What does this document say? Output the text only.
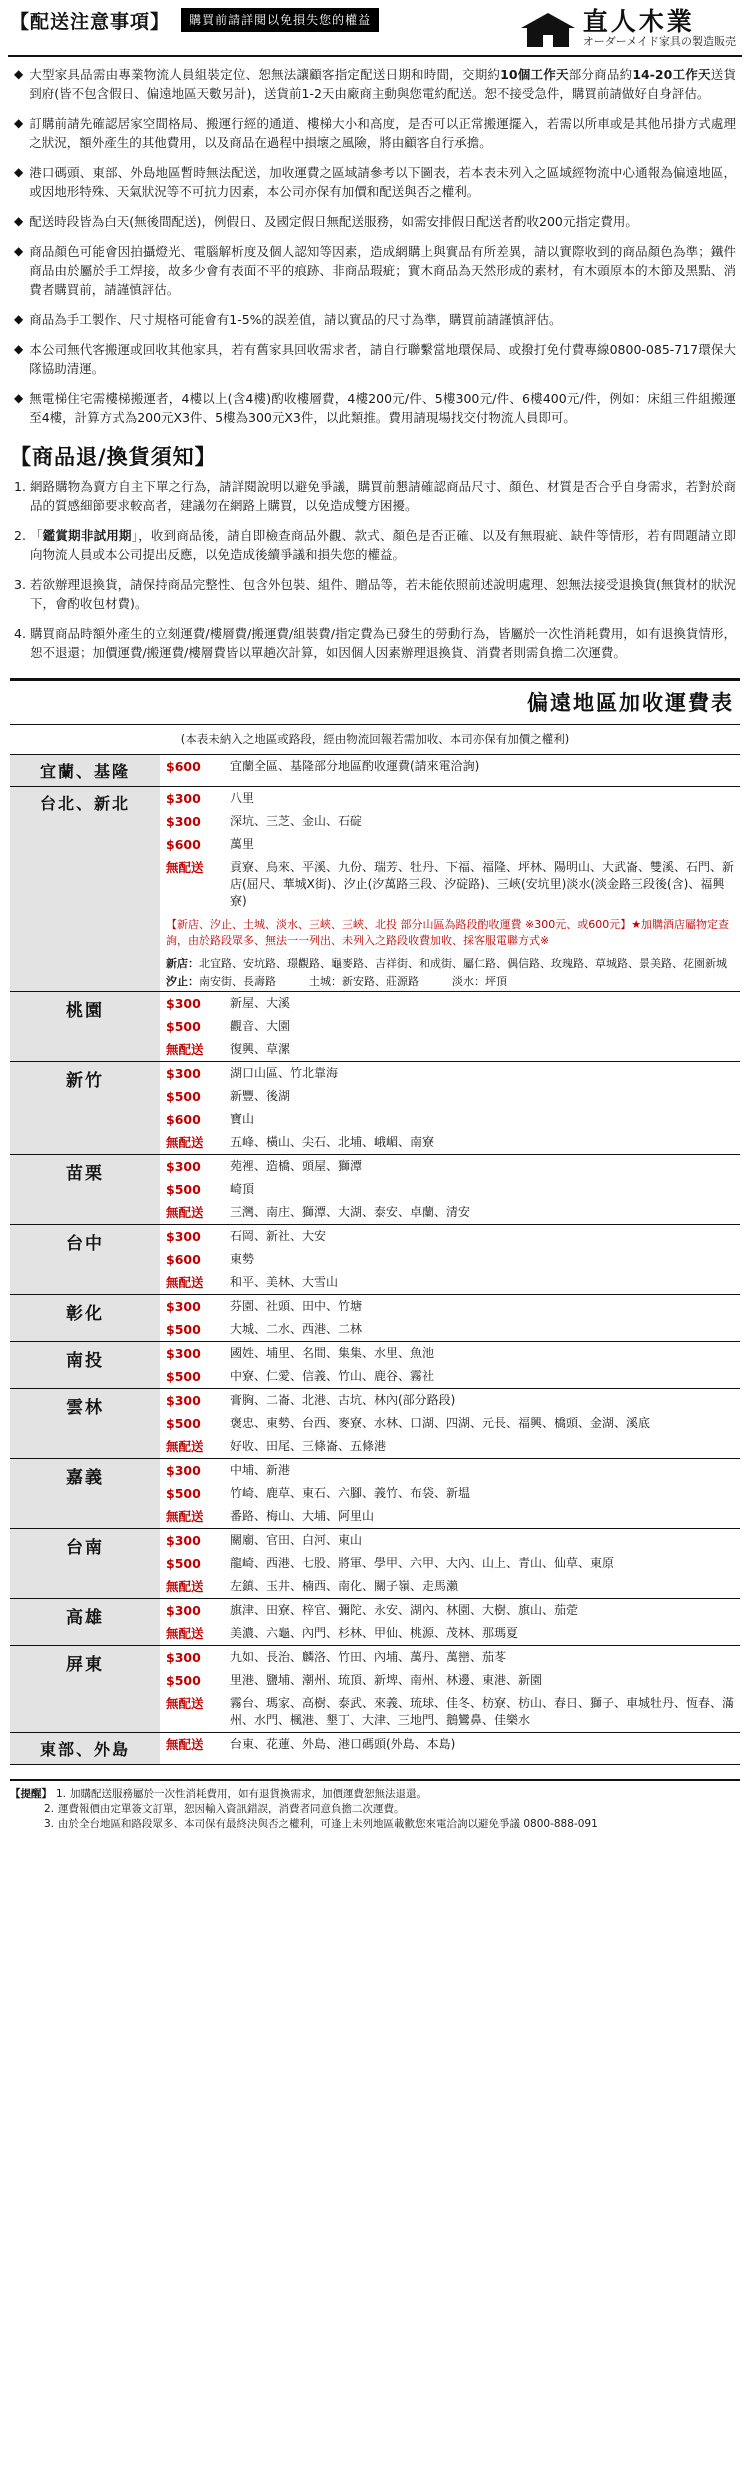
【配送注意事項】 購買前請詳閱以免損失您的權益	直人木業
オーダーメイド家具の製造販売
◆ 大型家具品需由專業物流人員組裝定位、恕無法讓顧客指定配送日期和時間，交期約10個工作天部分商品約14-20工作天送貨到府(皆不包含假日、偏遠地區天數另計)，送貨前1-2天由廠商主動與您電約配送。恕不接受急件，購買前請做好自身評估。
◆ 訂購前請先確認居家空間格局、搬運行經的通道、樓梯大小和高度，是否可以正常搬運擺入，若需以所車或是其他吊掛方式處理之狀況，額外產生的其他費用，以及商品在過程中損壞之風險，將由顧客自行承擔。
◆ 港口碼頭、東部、外島地區暫時無法配送，加收運費之區域請參考以下圖表，若本表未列入之區域經物流中心通報為偏遠地區，或因地形特殊、天氣狀況等不可抗力因素，本公司亦保有加價和配送與否之權利。
◆ 配送時段皆為白天(無後間配送)，例假日、及國定假日無配送服務，如需安排假日配送者酌收200元指定費用。
◆ 商品顏色可能會因拍攝燈光、電腦解析度及個人認知等因素，造成網購上與實品有所差異，請以實際收到的商品顏色為準；鐵件商品由於屬於手工焊接，故多少會有表面不平的痕跡、非商品瑕疵；實木商品為天然形成的素材，有木頭原本的木節及黑點、消費者購買前，請謹慎評估。
◆ 商品為手工製作、尺寸規格可能會有1-5%的誤差值，請以實品的尺寸為準，購買前請謹慎評估。
◆ 本公司無代客搬運或回收其他家具，若有舊家具回收需求者，請自行聯繫當地環保局、或撥打免付費專線0800-085-717環保大隊協助清運。
◆ 無電梯住宅需樓梯搬運者，4樓以上(含4樓)酌收樓層費，4樓200元/件、5樓300元/件、6樓400元/件，例如：床組三件組搬運至4樓，計算方式為200元X3件、5樓為300元X3件，以此類推。費用請現場找交付物流人員即可。
【商品退/換貨須知】
1. 網路購物為賣方自主下單之行為，請詳閱說明以避免爭議，購買前懇請確認商品尺寸、顏色、材質是否合乎自身需求，若對於商品的質感細節要求較高者，建議勿在網路上購買，以免造成雙方困擾。
2. 「鑑賞期非試用期」，收到商品後，請自即檢查商品外觀、款式、顏色是否正確、以及有無瑕疵、缺件等情形，若有問題請立即向物流人員或本公司提出反應，以免造成後續爭議和損失您的權益。
3. 若欲辦理退換貨，請保持商品完整性、包含外包裝、組件、贈品等，若未能依照前述說明處理、恕無法接受退換貨(無貨材的狀況下，會酌收包材費)。
4. 購買商品時額外產生的立刻運費/樓層費/搬運費/組裝費/指定費為已發生的勞動行為，皆屬於一次性消耗費用，如有退換貨情形，恕不退還；加價運費/搬運費/樓層費皆以單趟次計算，如因個人因素辦理退換貨、消費者則需負擔二次運費。
偏遠地區加收運費表
(本表未納入之地區或路段，經由物流回報若需加收、本司亦保有加價之權利)
宜蘭、基隆	$600 宜蘭全區、基隆部分地區酌收運費(請來電洽詢)

台北、新北	$300	八里
$300	深坑、三芝、金山、石碇
$600	萬里
無配送	貢寮、烏來、平溪、九份、瑞芳、牡丹、下福、福隆、坪林、陽明山、大武崙、雙溪、石門、新店(屈尺、華城X街)、汐止(汐萬路三段、汐碇路)、三峽(安坑里)淡水(淡金路三段後(含)、福興寮)
【新店、汐止、土城、淡水、三峽、三峽、北投 部分山區為路段酌收運費 ※300元、或600元】★加購酒店屬物定查詢，由於路段眾多、無法一一列出、未列入之路段收費加收、採客服電聯方式※
新店：北宜路、安坑路、璟觀路、龜麥路、吉祥街、和成街、屬仁路、偶信路、玫瑰路、草城路、景美路、花園新城
汐止：南安街、長壽路　　　土城：新安路、莊源路　　　淡水：坪頂

桃園	$300	新屋、大溪
$500	觀音、大園
無配送	復興、草漯

新竹	$300	湖口山區、竹北靠海
$500	新豐、後湖
$600	寶山
無配送	五峰、橫山、尖石、北埔、峨嵋、南寮

苗栗	$300	苑裡、造橋、頭屋、獅潭
$500	崎頂
無配送	三灣、南庄、獅潭、大湖、泰安、卓蘭、清安

台中	$300	石岡、新社、大安
$600	東勢
無配送	和平、美林、大雪山

彰化	$300 芬園、社頭、田中、竹塘
$500 大城、二水、西港、二林

南投	$300 國姓、埔里、名間、集集、水里、魚池
$500 中寮、仁愛、信義、竹山、鹿谷、霧社

雲林	$300	膏胸、二崙、北港、古坑、林內(部分路段)
$500	褒忠、東勢、台西、麥寮、水林、口湖、四湖、元長、福興、橋頭、金湖、溪底
無配送	好收、田尾、三條崙、五條港

嘉義	$300	中埔、新港
$500	竹崎、鹿草、東石、六腳、義竹、布袋、新塭
無配送	番路、梅山、大埔、阿里山

台南	$300	關廟、官田、白河、東山
$500	龍崎、西港、七股、將軍、學甲、六甲、大內、山上、青山、仙草、東原
無配送	左鎮、玉井、楠西、南化、關子嶺、走馬瀨

高雄	$300 旗津、田寮、梓官、彌陀、永安、湖內、林園、大樹、旗山、茄萣
無配送 美濃、六龜、內門、杉林、甲仙、桃源、茂林、那瑪夏

屏東	$300	九如、長治、麟洛、竹田、內埔、萬丹、萬巒、茄苳
$500	里港、鹽埔、潮州、琉頂、新埤、南州、林邊、東港、新園
無配送	霧台、瑪家、高樹、泰武、來義、琉球、佳冬、枋寮、枋山、春日、獅子、車城牡丹、恆春、滿州、水門、楓港、墾丁、大津、三地門、鵝鸞鼻、佳樂水

東部、外島	無配送 台東、花蓮、外島、港口碼頭(外島、本島)
【提醒】 1. 加購配送服務屬於一次性消耗費用，如有退貨換需求，加價運費恕無法退還。
2. 運費報價由定單簽文訂單，恕因輸入資訊錯誤，消費者同意負擔二次運費。
3. 由於全台地區和路段眾多、本司保有最終決與否之權利，可逢上未列地區載歡您來電洽詢以避免爭議 0800-888-091
